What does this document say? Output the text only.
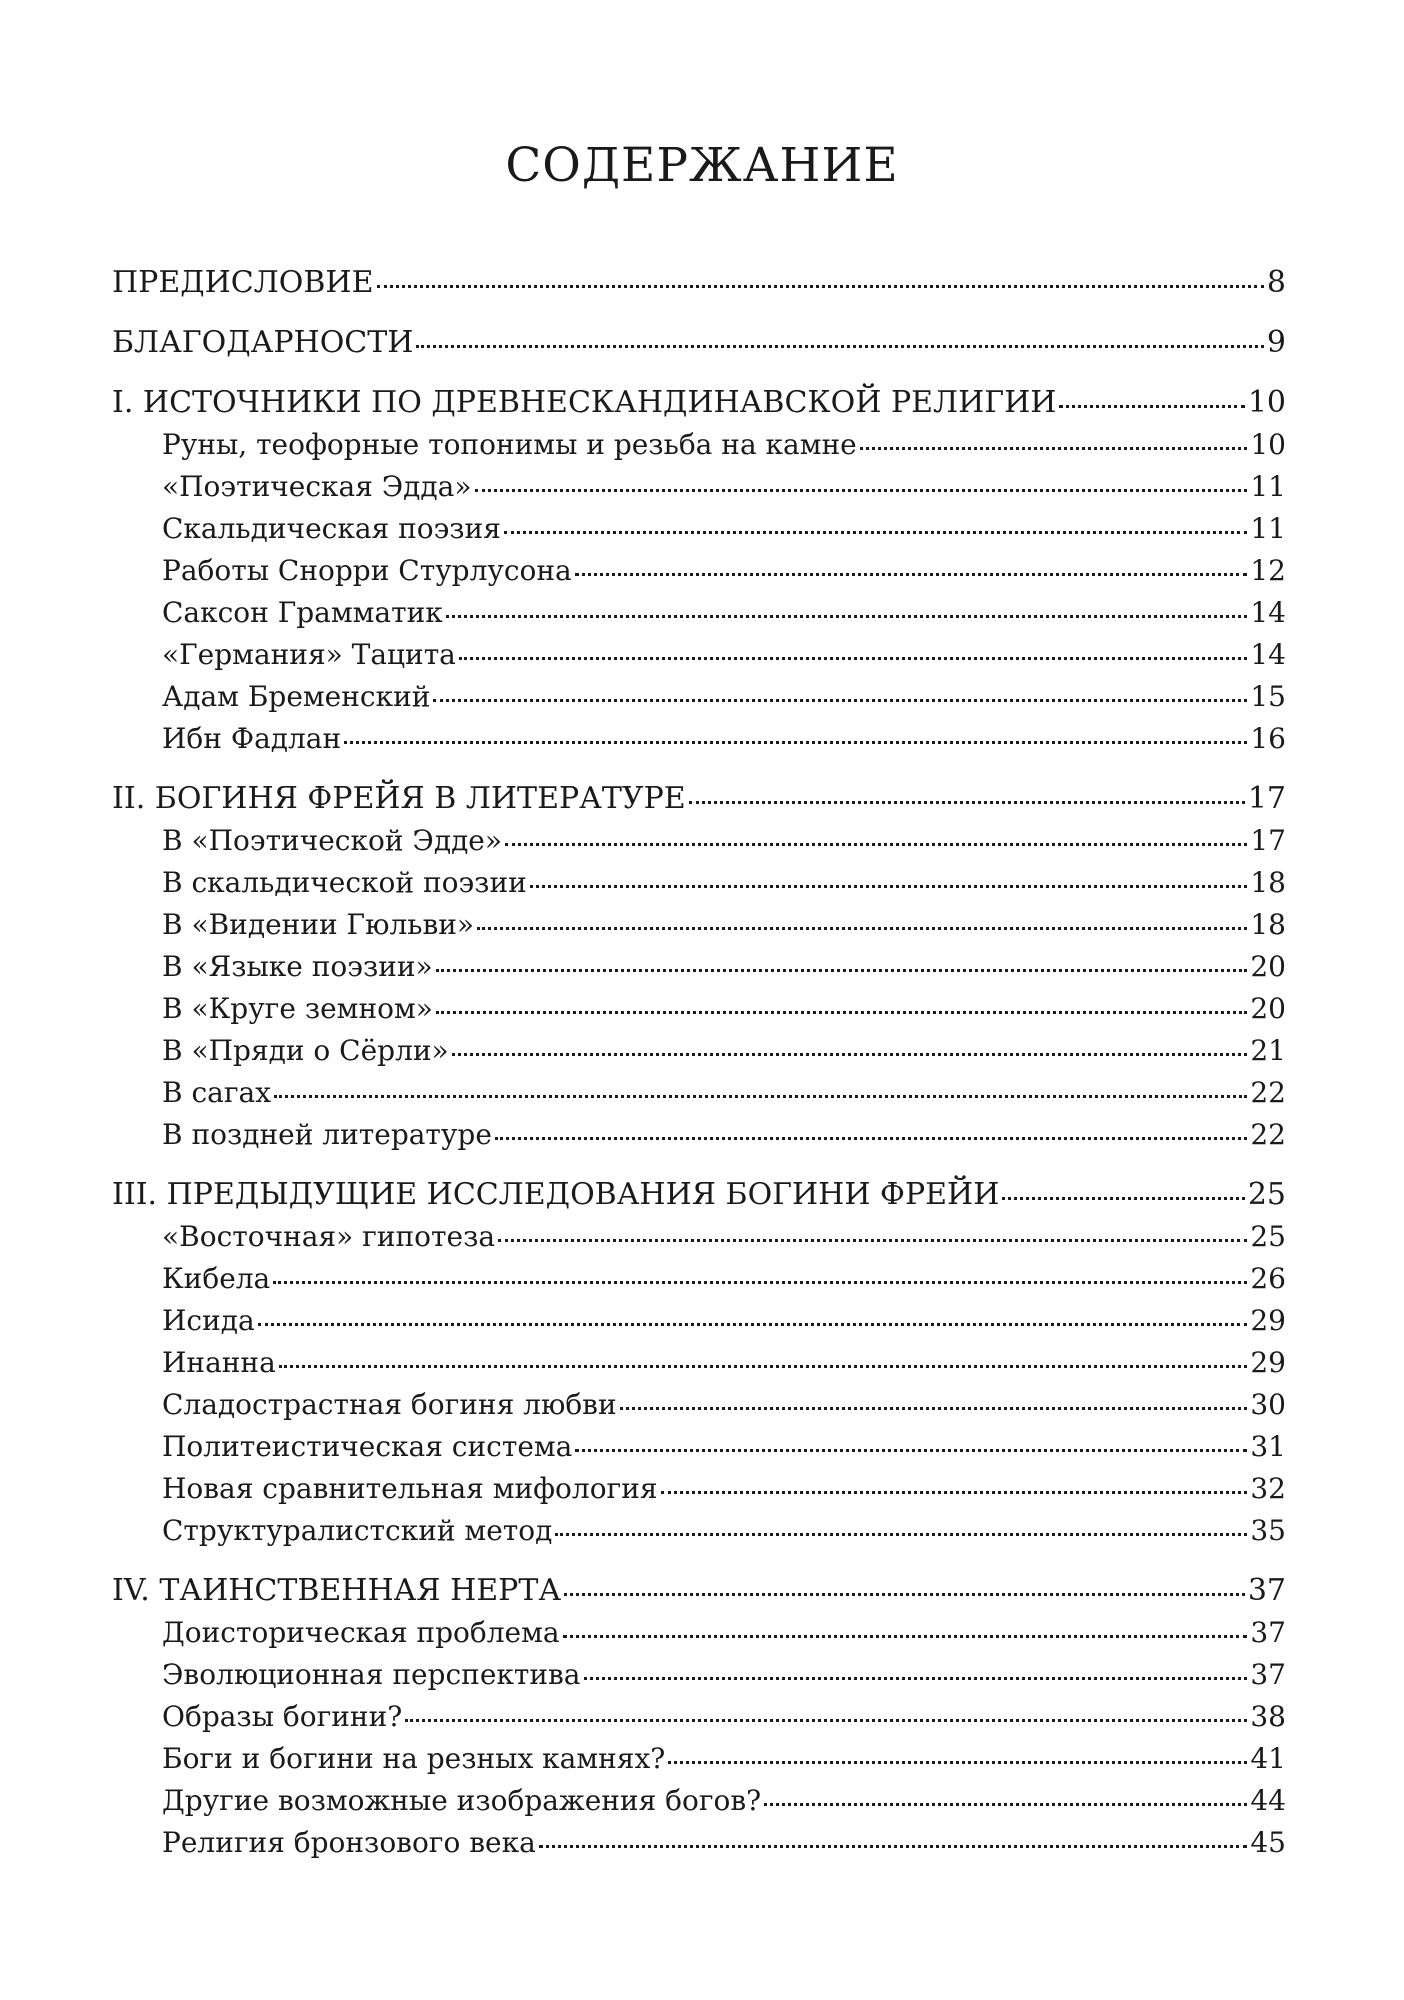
СОДЕРЖАНИЕ
ПРЕДИСЛОВИЕ	8
БЛАГОДАРНОСТИ	9
I. ИСТОЧНИКИ ПО ДРЕВНЕСКАНДИНАВСКОЙ РЕЛИГИИ	10
Руны, теофорные топонимы и резьба на камне	10
«Поэтическая Эдда»	11
Скальдическая поэзия	11
Работы Снорри Стурлусона	12
Саксон Грамматик	14
«Германия» Тацита	14
Адам Бременский	15
Ибн Фадлан	16
II. БОГИНЯ ФРЕЙЯ В ЛИТЕРАТУРЕ	17
В «Поэтической Эдде»	17
В скальдической поэзии	18
В «Видении Гюльви»	18
В «Языке поэзии»	20
В «Круге земном»	20
В «Пряди о Сёрли»	21
В сагах	22
В поздней литературе	22
III. ПРЕДЫДУЩИЕ ИССЛЕДОВАНИЯ БОГИНИ ФРЕЙИ	25
«Восточная» гипотеза	25
Кибела	26
Исида	29
Инанна	29
Сладострастная богиня любви	30
Политеистическая система	31
Новая сравнительная мифология	32
Структуралистский метод	35
IV. ТАИНСТВЕННАЯ НЕРТА	37
Доисторическая проблема	37
Эволюционная перспектива	37
Образы богини?	38
Боги и богини на резных камнях?	41
Другие возможные изображения богов?	44
Религия бронзового века	45
